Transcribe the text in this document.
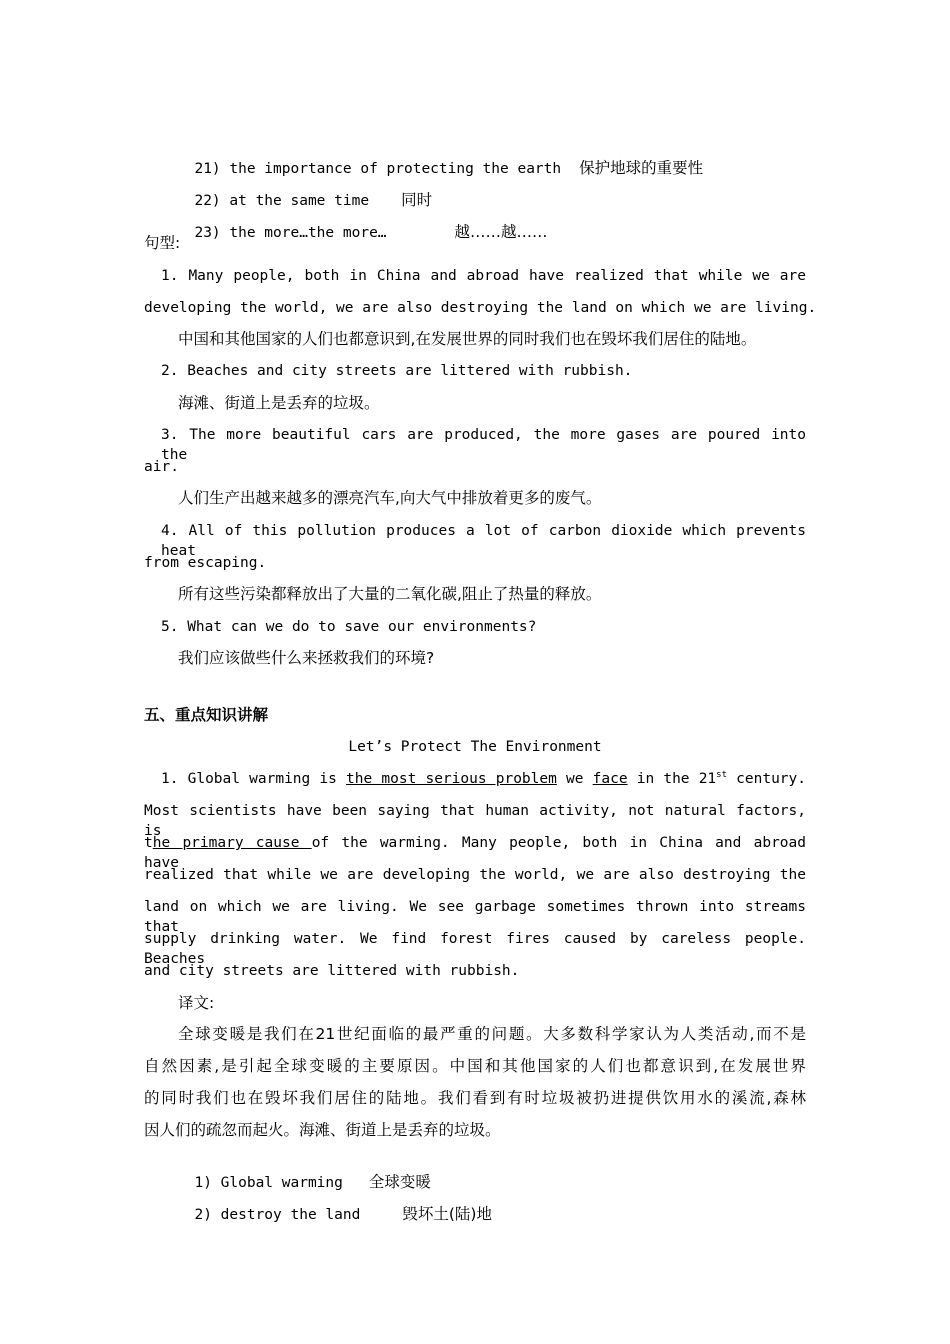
21) the importance of protecting the earth 保护地球的重要性

22) at the same time 同时

23) the more…the more…	越……越……

句型:
1. Many people, both in China and abroad have realized that while we are
developing the world, we are also destroying the land on which we are living.
中国和其他国家的人们也都意识到,在发展世界的同时我们也在毁坏我们居住的陆地。
2. Beaches and city streets are littered with rubbish.
海滩、街道上是丢弃的垃圾。
3. The more beautiful cars are produced, the more gases are poured into the
air.
人们生产出越来越多的漂亮汽车,向大气中排放着更多的废气。
4. All of this pollution produces a lot of carbon dioxide which prevents heat
from escaping.
所有这些污染都释放出了大量的二氧化碳,阻止了热量的释放。
5. What can we do to save our environments?
我们应该做些什么来拯救我们的环境?
五、重点知识讲解
Let’s Protect The Environment
1. Global warming is the most serious problem we face in the 21st century.
Most scientists have been saying that human activity, not natural factors, is
the primary cause of the warming. Many people, both in China and abroad have
realized that while we are developing the world, we are also destroying the
land on which we are living. We see garbage sometimes thrown into streams that
supply drinking water. We find forest fires caused by careless people. Beaches
and city streets are littered with rubbish.
译文:
全球变暖是我们在21世纪面临的最严重的问题。大多数科学家认为人类活动,而不是
自然因素,是引起全球变暖的主要原因。中国和其他国家的人们也都意识到,在发展世界
的同时我们也在毁坏我们居住的陆地。我们看到有时垃圾被扔进提供饮用水的溪流,森林
因人们的疏忽而起火。海滩、街道上是丢弃的垃圾。

1) Global warming 全球变暖

2) destroy the land	毁坏土(陆)地
